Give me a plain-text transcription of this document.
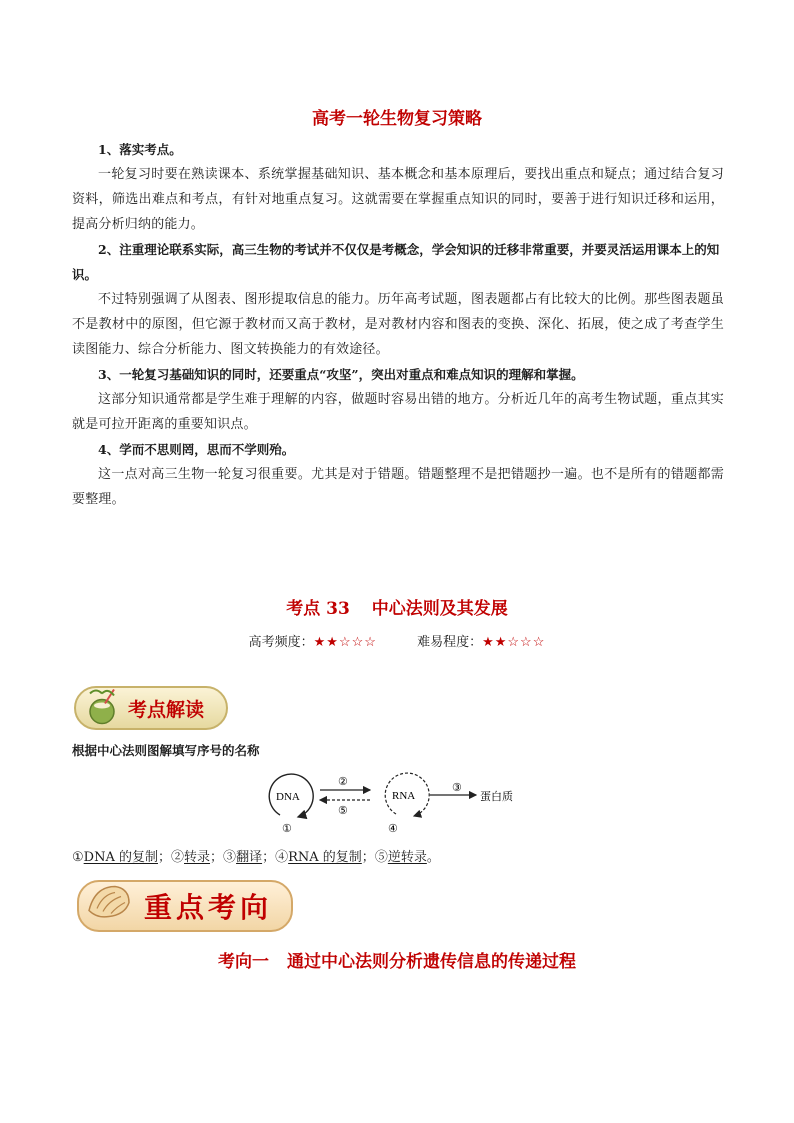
高考一轮生物复习策略

1、落实考点。

一轮复习时要在熟读课本、系统掌握基础知识、基本概念和基本原理后，要找出重点和疑点；通过结合复习资料，筛选出难点和考点，有针对地重点复习。这就需要在掌握重点知识的同时，要善于进行知识迁移和运用，提高分析归纳的能力。

2、注重理论联系实际，高三生物的考试并不仅仅是考概念，学会知识的迁移非常重要，并要灵活运用课本上的知识。

不过特别强调了从图表、图形提取信息的能力。历年高考试题，图表题都占有比较大的比例。那些图表题虽不是教材中的原图，但它源于教材而又高于教材，是对教材内容和图表的变换、深化、拓展，使之成了考查学生读图能力、综合分析能力、图文转换能力的有效途径。

3、一轮复习基础知识的同时，还要重点“攻坚”，突出对重点和难点知识的理解和掌握。

这部分知识通常都是学生难于理解的内容，做题时容易出错的地方。分析近几年的高考生物试题，重点其实就是可拉开距离的重要知识点。

4、学而不思则罔，思而不学则殆。

这一点对高三生物一轮复习很重要。尤其是对于错题。错题整理不是把错题抄一遍。也不是所有的错题都需要整理。

考点 33 中心法则及其发展
高考频度：★★☆☆☆	难易程度：★★☆☆☆
考点解读
根据中心法则图解填写序号的名称
DNA	RNA	蛋白质
①
②	③
④
⑤
①DNA 的复制；②转录；③翻译；④RNA 的复制；⑤逆转录。
重点考向
考向一 通过中心法则分析遗传信息的传递过程
